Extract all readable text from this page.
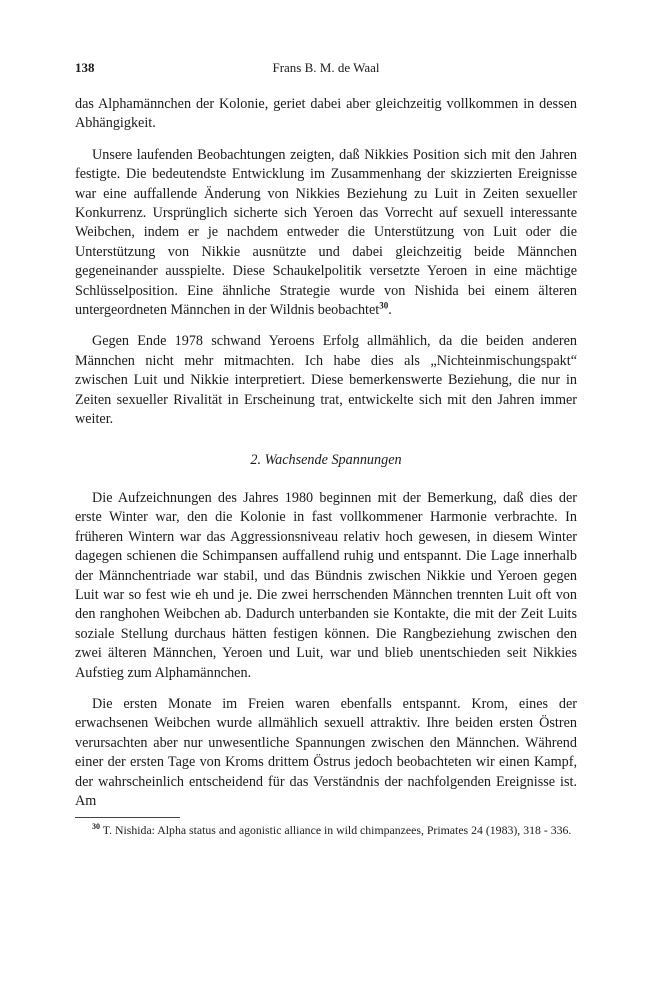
Frans B. M. de Waal
138

das Alphamännchen der Kolonie, geriet dabei aber gleichzeitig vollkommen in dessen Abhängigkeit.

Unsere laufenden Beobachtungen zeigten, daß Nikkies Position sich mit den Jahren festigte. Die bedeutendste Entwicklung im Zusammenhang der skizzierten Ereignisse war eine auffallende Änderung von Nikkies Beziehung zu Luit in Zeiten sexueller Konkurrenz. Ursprünglich sicherte sich Yeroen das Vorrecht auf sexuell interessante Weibchen, indem er je nachdem entweder die Unterstützung von Luit oder die Unterstützung von Nikkie ausnützte und dabei gleichzeitig beide Männchen gegeneinander ausspielte. Diese Schaukelpolitik versetzte Yeroen in eine mächtige Schlüsselposition. Eine ähnliche Strategie wurde von Nishida bei einem älteren untergeordneten Männchen in der Wildnis beobachtet$^{30}$.

Gegen Ende 1978 schwand Yeroens Erfolg allmählich, da die beiden anderen Männchen nicht mehr mitmachten. Ich habe dies als „Nichteinmischungspakt“ zwischen Luit und Nikkie interpretiert. Diese bemerkenswerte Beziehung, die nur in Zeiten sexueller Rivalität in Erscheinung trat, entwickelte sich mit den Jahren immer weiter.

2. Wachsende Spannungen

Die Aufzeichnungen des Jahres 1980 beginnen mit der Bemerkung, daß dies der erste Winter war, den die Kolonie in fast vollkommener Harmonie verbrachte. In früheren Wintern war das Aggressionsniveau relativ hoch gewesen, in diesem Winter dagegen schienen die Schimpansen auffallend ruhig und entspannt. Die Lage innerhalb der Männchentriade war stabil, und das Bündnis zwischen Nikkie und Yeroen gegen Luit war so fest wie eh und je. Die zwei herrschenden Männchen trennten Luit oft von den ranghohen Weibchen ab. Dadurch unterbanden sie Kontakte, die mit der Zeit Luits soziale Stellung durchaus hätten festigen können. Die Rangbeziehung zwischen den zwei älteren Männchen, Yeroen und Luit, war und blieb unentschieden seit Nikkies Aufstieg zum Alphamännchen.

Die ersten Monate im Freien waren ebenfalls entspannt. Krom, eines der erwachsenen Weibchen wurde allmählich sexuell attraktiv. Ihre beiden ersten Östren verursachten aber nur unwesentliche Spannungen zwischen den Männchen. Während einer der ersten Tage von Kroms drittem Östrus jedoch beobachteten wir einen Kampf, der wahrscheinlich entscheidend für das Verständnis der nachfolgenden Ereignisse ist. Am

$^{30}$ T. Nishida: Alpha status and agonistic alliance in wild chimpanzees, Primates 24 (1983), 318 - 336.
